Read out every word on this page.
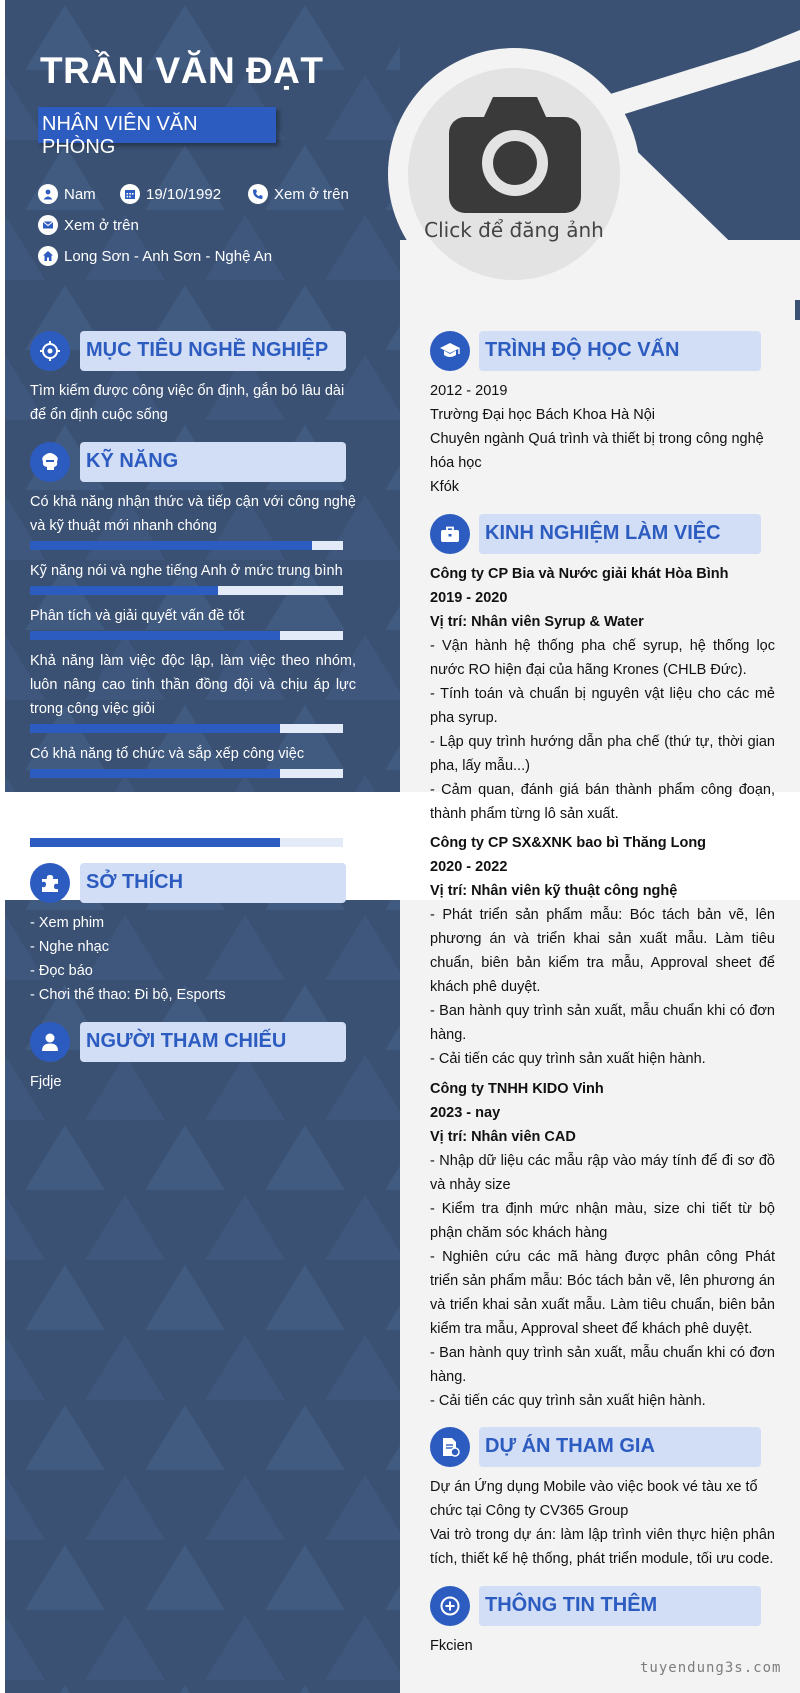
TRẦN VĂN ĐẠT
NHÂN VIÊN VĂN PHÒNG
Nam	19/10/1992	Xem ở trên
Xem ở trên
Long Sơn - Anh Sơn - Nghệ An
Click để đăng ảnh
MỤC TIÊU NGHỀ NGHIỆP
Tìm kiếm được công việc ổn định, gắn bó lâu dài để ổn định cuộc sống
KỸ NĂNG
Có khả năng nhận thức và tiếp cận với công nghệ và kỹ thuật mới nhanh chóng
Kỹ năng nói và nghe tiếng Anh ở mức trung bình
Phân tích và giải quyết vấn đề tốt
Khả năng làm việc độc lập, làm việc theo nhóm, luôn nâng cao tinh thần đồng đội và chịu áp lực trong công việc giỏi
Có khả năng tổ chức và sắp xếp công việc
SỞ THÍCH
- Xem phim
- Nghe nhạc
- Đọc báo
- Chơi thể thao: Đi bộ, Esports
NGƯỜI THAM CHIẾU
Fjdje
TRÌNH ĐỘ HỌC VẤN
2012 - 2019
Trường Đại học Bách Khoa Hà Nội
Chuyên ngành Quá trình và thiết bị trong công nghệ hóa học
Kfók
KINH NGHIỆM LÀM VIỆC
Công ty CP Bia và Nước giải khát Hòa Bình
2019 - 2020
Vị trí: Nhân viên Syrup & Water
- Vận hành hệ thống pha chế syrup, hệ thống lọc nước RO hiện đại của hãng Krones (CHLB Đức).
- Tính toán và chuẩn bị nguyên vật liệu cho các mẻ pha syrup.
- Lập quy trình hướng dẫn pha chế (thứ tự, thời gian pha, lấy mẫu...)
- Cảm quan, đánh giá bán thành phẩm công đoạn, thành phẩm từng lô sản xuất.
Công ty CP SX&XNK bao bì Thăng Long
2020 - 2022
Vị trí: Nhân viên kỹ thuật công nghệ
- Phát triển sản phẩm mẫu: Bóc tách bản vẽ, lên phương án và triển khai sản xuất mẫu. Làm tiêu chuẩn, biên bản kiểm tra mẫu, Approval sheet để khách phê duyệt.
- Ban hành quy trình sản xuất, mẫu chuẩn khi có đơn hàng.
- Cải tiến các quy trình sản xuất hiện hành.
Công ty TNHH KIDO Vinh
2023 - nay
Vị trí: Nhân viên CAD
- Nhập dữ liệu các mẫu rập vào máy tính để đi sơ đồ và nhảy size
- Kiểm tra định mức nhận màu, size chi tiết từ bộ phận chăm sóc khách hàng
- Nghiên cứu các mã hàng được phân công Phát triển sản phẩm mẫu: Bóc tách bản vẽ, lên phương án và triển khai sản xuất mẫu. Làm tiêu chuẩn, biên bản kiểm tra mẫu, Approval sheet để khách phê duyệt.
- Ban hành quy trình sản xuất, mẫu chuẩn khi có đơn hàng.
- Cải tiến các quy trình sản xuất hiện hành.
DỰ ÁN THAM GIA
Dự án Ứng dụng Mobile vào việc book vé tàu xe tổ chức tại Công ty CV365 Group
Vai trò trong dự án: làm lập trình viên thực hiện phân tích, thiết kế hệ thống, phát triển module, tối ưu code.
THÔNG TIN THÊM
Fkcien
tuyendung3s.com
